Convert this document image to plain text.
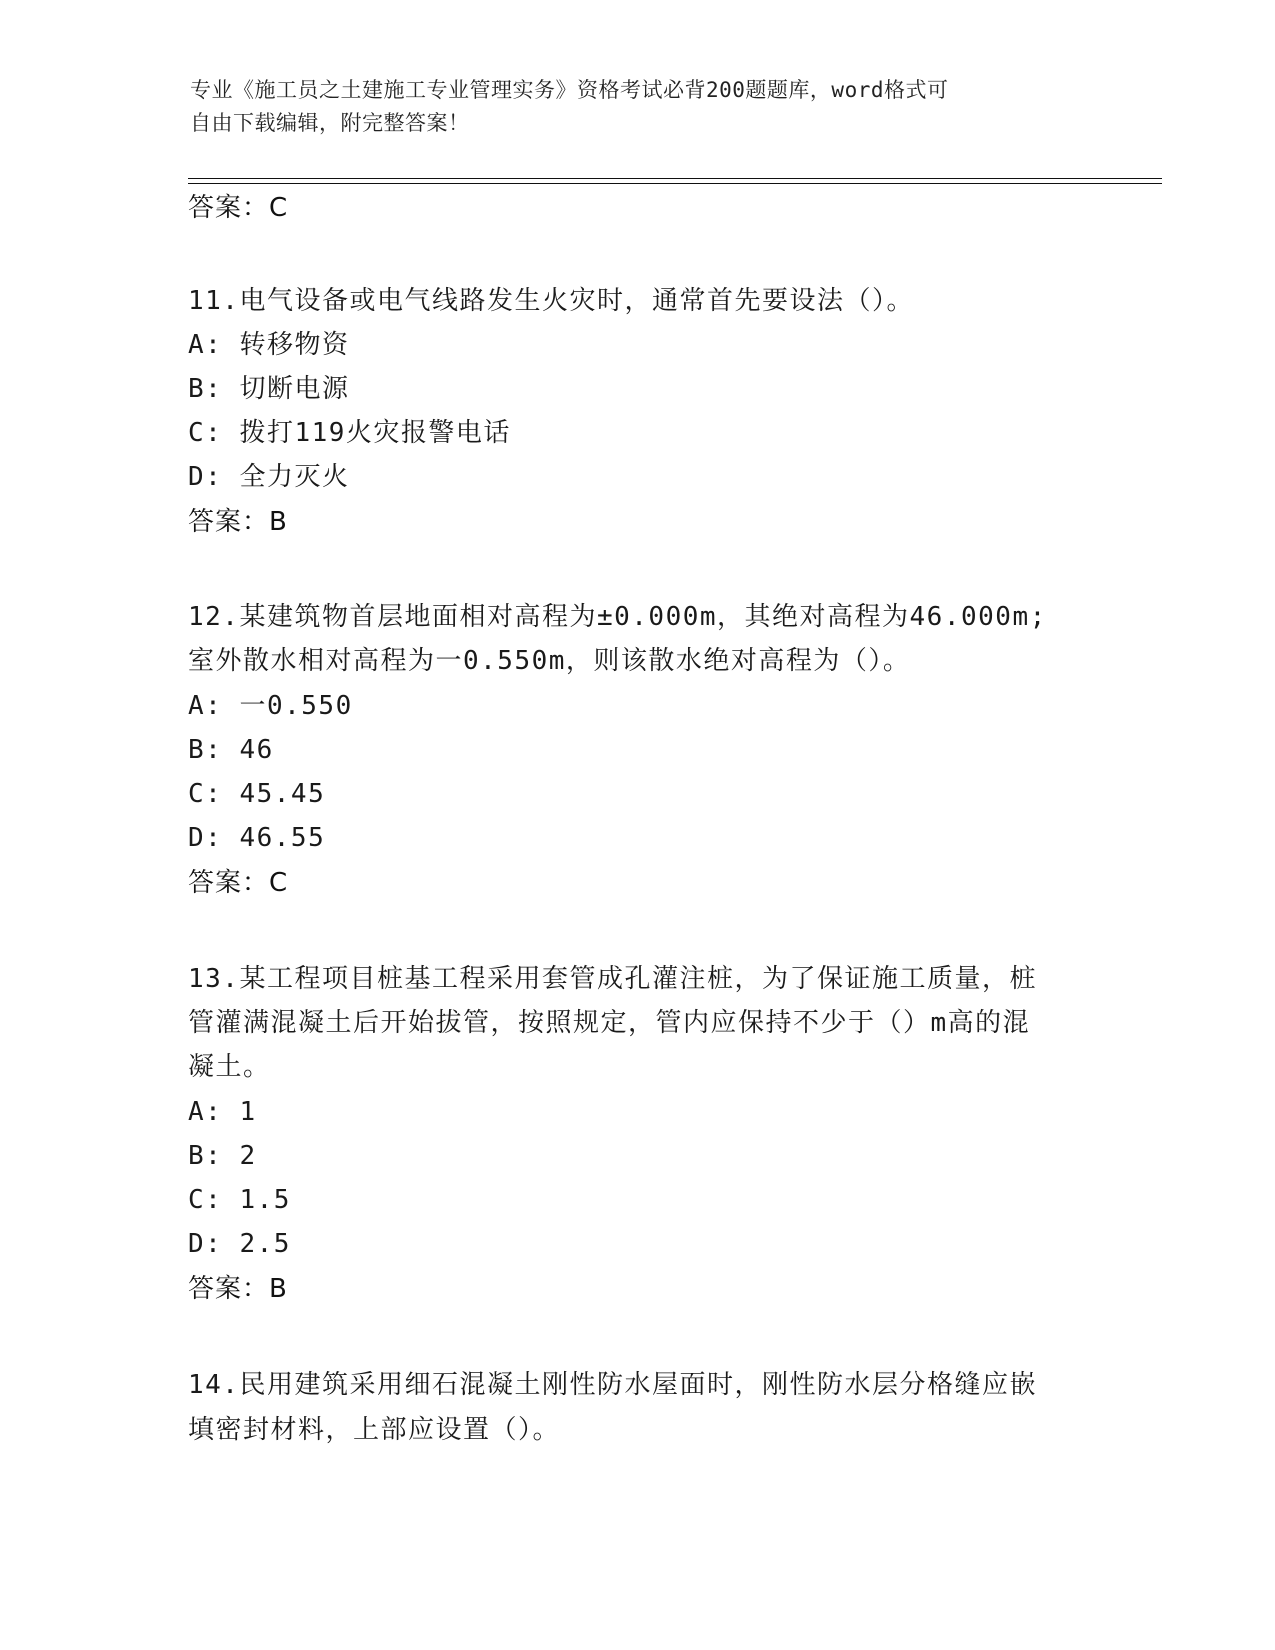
专业《施工员之土建施工专业管理实务》资格考试必背200题题库，word格式可
自由下载编辑，附完整答案！
答案：C
11.电气设备或电气线路发生火灾时，通常首先要设法（）。
A: 转移物资
B: 切断电源
C: 拨打119火灾报警电话
D: 全力灭火
答案：B
12.某建筑物首层地面相对高程为±0.000m，其绝对高程为46.000m;
室外散水相对高程为一0.550m，则该散水绝对高程为（）。
A: 一0.550
B: 46
C: 45.45
D: 46.55
答案：C
13.某工程项目桩基工程采用套管成孔灌注桩，为了保证施工质量，桩
管灌满混凝土后开始拔管，按照规定，管内应保持不少于（）m高的混
凝土。
A: 1
B: 2
C: 1.5
D: 2.5
答案：B
14.民用建筑采用细石混凝土刚性防水屋面时，刚性防水层分格缝应嵌
填密封材料，上部应设置（）。
